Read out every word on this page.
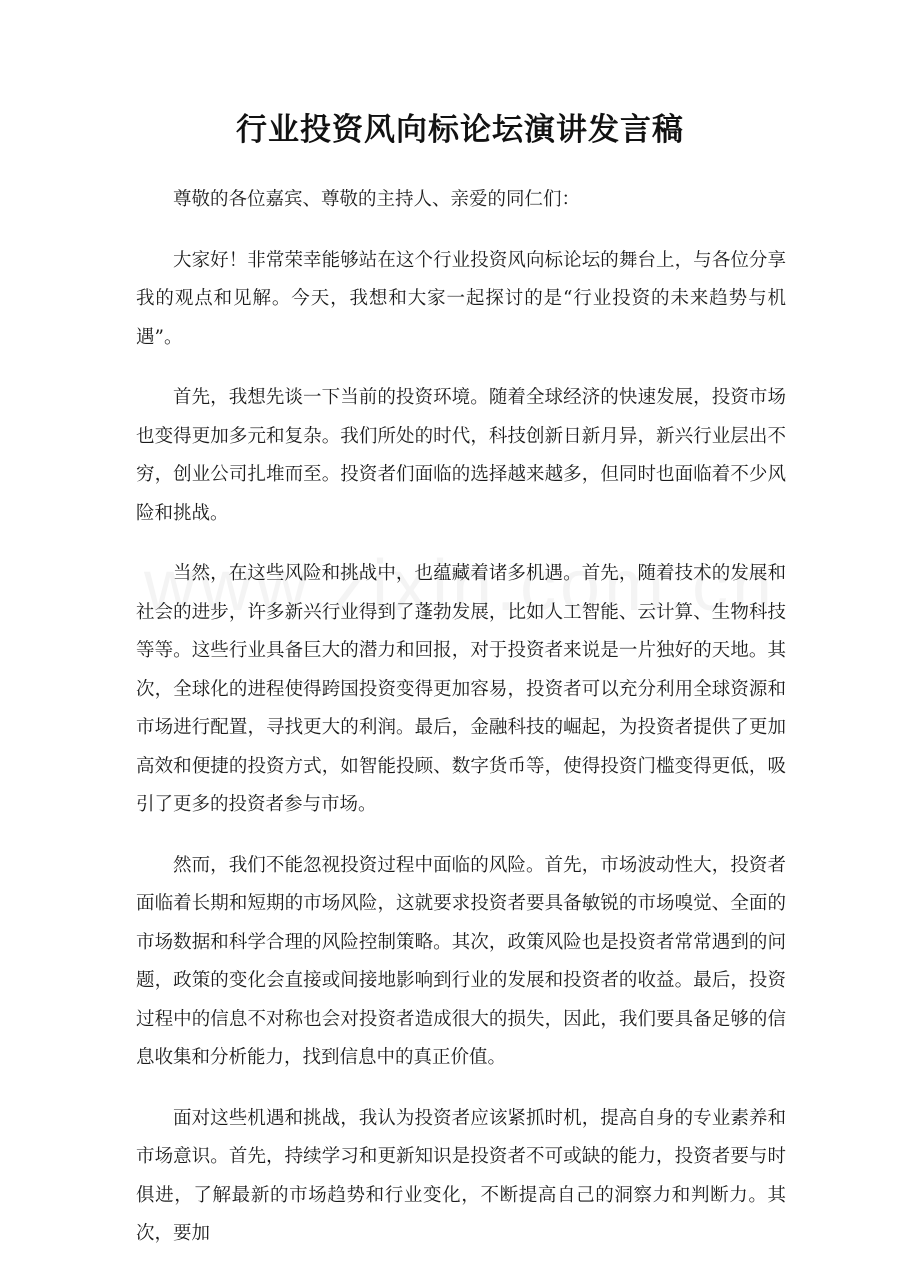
行业投资风向标论坛演讲发言稿

尊敬的各位嘉宾、尊敬的主持人、亲爱的同仁们：

大家好！非常荣幸能够站在这个行业投资风向标论坛的舞台上，与各位分享我的观点和见解。今天，我想和大家一起探讨的是“行业投资的未来趋势与机遇”。

首先，我想先谈一下当前的投资环境。随着全球经济的快速发展，投资市场也变得更加多元和复杂。我们所处的时代，科技创新日新月异，新兴行业层出不穷，创业公司扎堆而至。投资者们面临的选择越来越多，但同时也面临着不少风险和挑战。

当然，在这些风险和挑战中，也蕴藏着诸多机遇。首先，随着技术的发展和社会的进步，许多新兴行业得到了蓬勃发展，比如人工智能、云计算、生物科技等等。这些行业具备巨大的潜力和回报，对于投资者来说是一片独好的天地。其次，全球化的进程使得跨国投资变得更加容易，投资者可以充分利用全球资源和市场进行配置，寻找更大的利润。最后，金融科技的崛起，为投资者提供了更加高效和便捷的投资方式，如智能投顾、数字货币等，使得投资门槛变得更低，吸引了更多的投资者参与市场。

然而，我们不能忽视投资过程中面临的风险。首先，市场波动性大，投资者面临着长期和短期的市场风险，这就要求投资者要具备敏锐的市场嗅觉、全面的市场数据和科学合理的风险控制策略。其次，政策风险也是投资者常常遇到的问题，政策的变化会直接或间接地影响到行业的发展和投资者的收益。最后，投资过程中的信息不对称也会对投资者造成很大的损失，因此，我们要具备足够的信息收集和分析能力，找到信息中的真正价值。

面对这些机遇和挑战，我认为投资者应该紧抓时机，提高自身的专业素养和市场意识。首先，持续学习和更新知识是投资者不可或缺的能力，投资者要与时俱进，了解最新的市场趋势和行业变化，不断提高自己的洞察力和判断力。其次，要加
